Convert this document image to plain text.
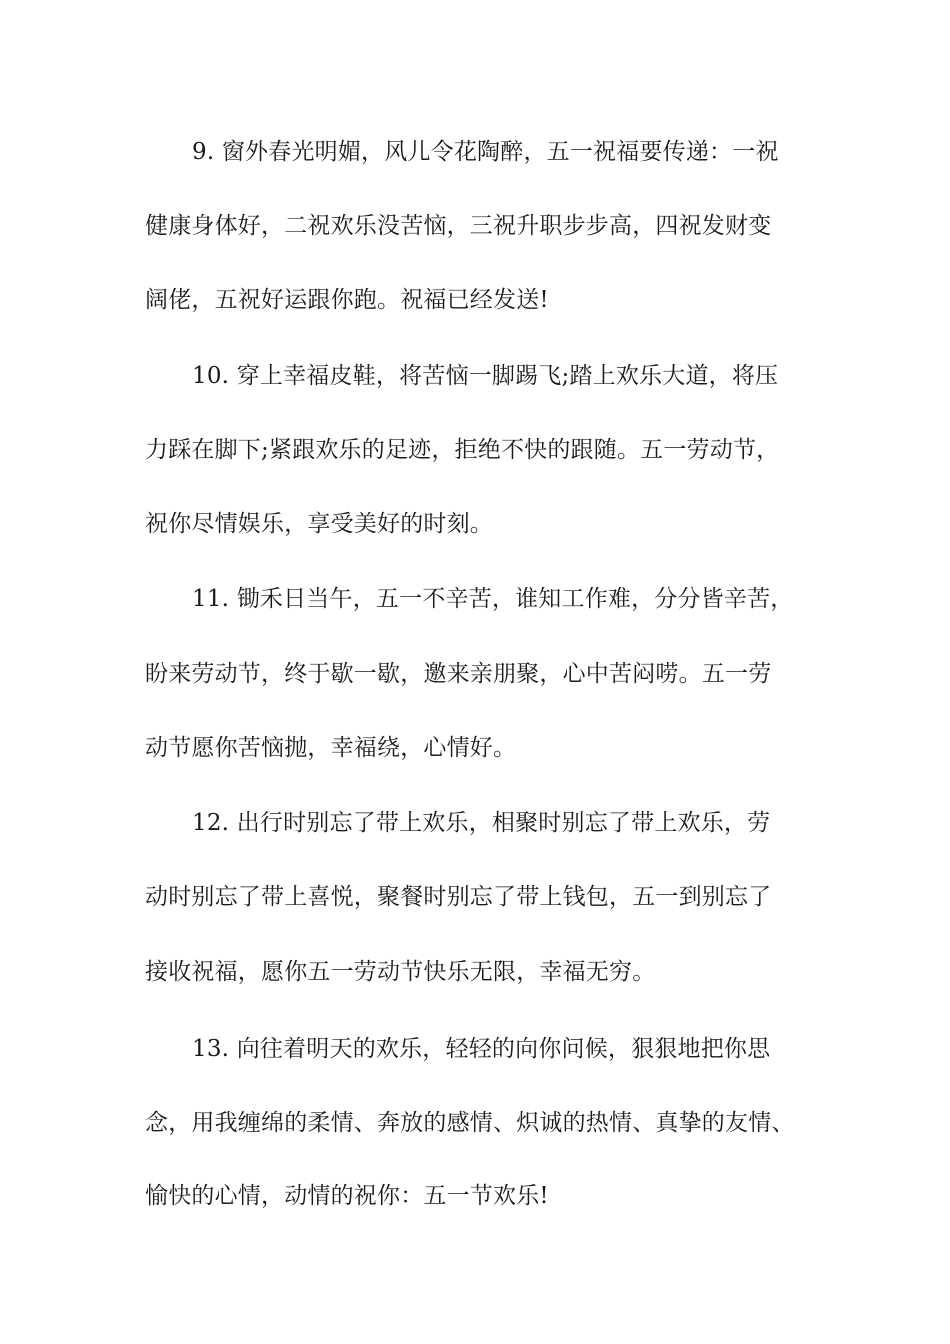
9. 窗外春光明媚，风儿令花陶醉，五一祝福要传递：一祝
健康身体好，二祝欢乐没苦恼，三祝升职步步高，四祝发财变
阔佬，五祝好运跟你跑。祝福已经发送!
10. 穿上幸福皮鞋，将苦恼一脚踢飞;踏上欢乐大道，将压
力踩在脚下;紧跟欢乐的足迹，拒绝不快的跟随。五一劳动节，
祝你尽情娱乐，享受美好的时刻。
11. 锄禾日当午，五一不辛苦，谁知工作难，分分皆辛苦，
盼来劳动节，终于歇一歇，邀来亲朋聚，心中苦闷唠。五一劳
动节愿你苦恼抛，幸福绕，心情好。
12. 出行时别忘了带上欢乐，相聚时别忘了带上欢乐，劳
动时别忘了带上喜悦，聚餐时别忘了带上钱包，五一到别忘了
接收祝福，愿你五一劳动节快乐无限，幸福无穷。
13. 向往着明天的欢乐，轻轻的向你问候，狠狠地把你思
念，用我缠绵的柔情、奔放的感情、炽诚的热情、真挚的友情、
愉快的心情，动情的祝你：五一节欢乐!
